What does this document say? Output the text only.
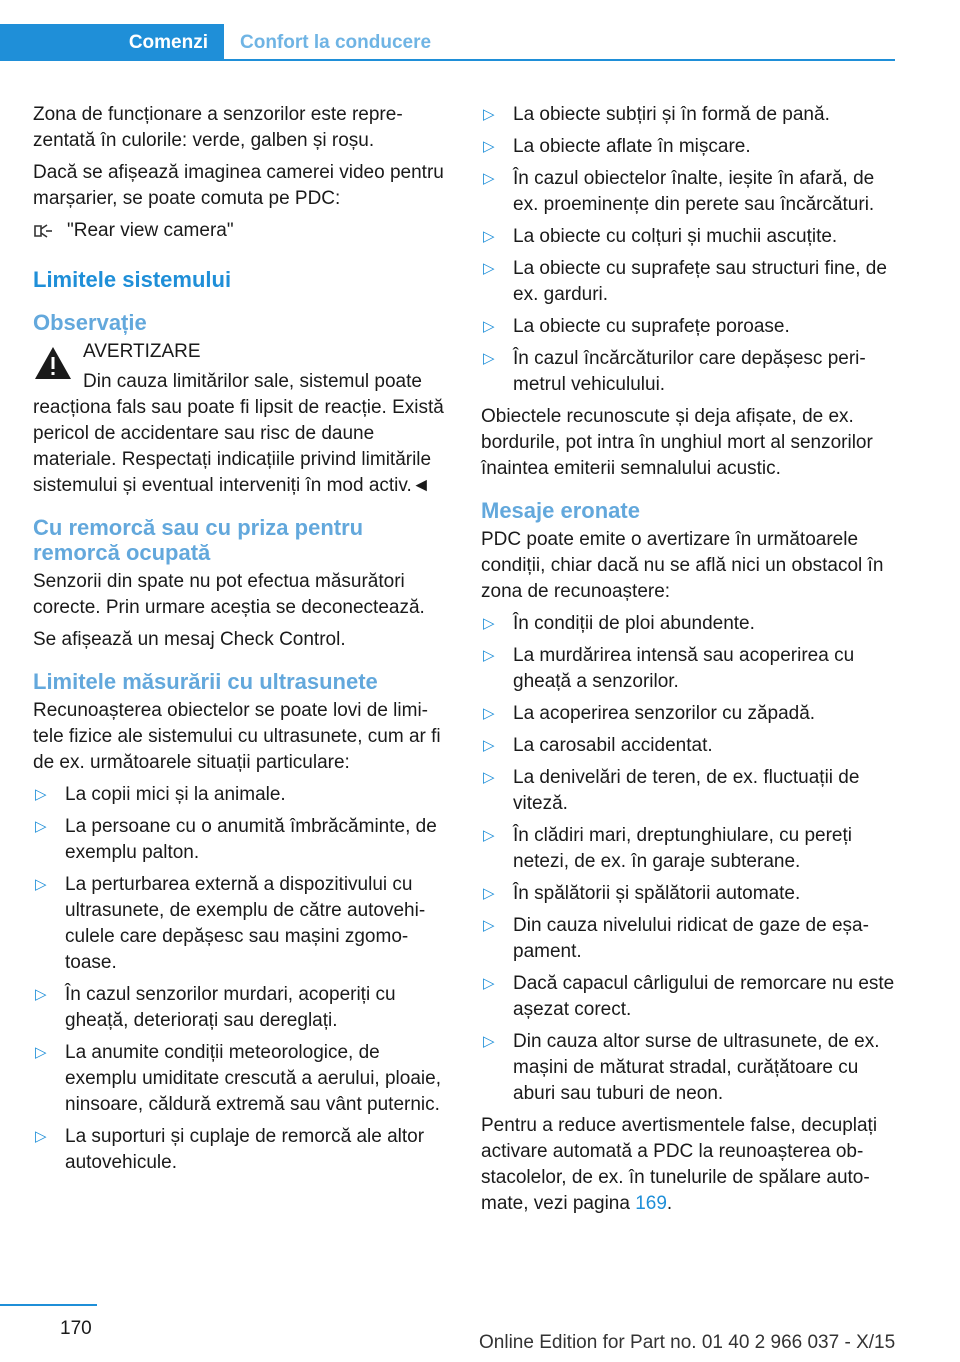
Comenzi Confort la conducere

Zona de funcționare a senzorilor este reprezentată în culorile: verde, galben și roșu.

Dacă se afișează imaginea camerei video pentru marșarier, se poate comuta pe PDC:

"Rear view camera"
Limitele sistemului
Observație

AVERTIZARE

Din cauza limitărilor sale, sistemul poate reacționa fals sau poate fi lipsit de reacție. Există pericol de accidentare sau risc de daune materiale. Respectați indicațiile privind limitările sistemului și eventual interveniți în mod activ.◄

Cu remorcă sau cu priza pentru remorcă ocupată

Senzorii din spate nu pot efectua măsurători corecte. Prin urmare aceștia se deconectează.

Se afișează un mesaj Check Control.

Limitele măsurării cu ultrasunete

Recunoașterea obiectelor se poate lovi de limitele fizice ale sistemului cu ultrasunete, cum ar fi de ex. următoarele situații particulare:

▷ La copii mici și la animale.
▷ La persoane cu o anumită îmbrăcăminte, de exemplu palton.
▷ La perturbarea externă a dispozitivului cu ultrasunete, de exemplu de către autovehiculele care depășesc sau mașini zgomotoase.
▷ În cazul senzorilor murdari, acoperiți cu gheață, deteriorați sau dereglați.
▷ La anumite condiții meteorologice, de exemplu umiditate crescută a aerului, ploaie, ninsoare, căldură extremă sau vânt puternic.
▷ La suporturi și cuplaje de remorcă ale altor autovehicule.
▷ La obiecte subțiri și în formă de pană.
▷ La obiecte aflate în mișcare.
▷ În cazul obiectelor înalte, ieșite în afară, de ex. proeminențe din perete sau încărcături.
▷ La obiecte cu colțuri și muchii ascuțite.
▷ La obiecte cu suprafețe sau structuri fine, de ex. garduri.
▷ La obiecte cu suprafețe poroase.
▷ În cazul încărcăturilor care depășesc perimetrul vehiculului.

Obiectele recunoscute și deja afișate, de ex. bordurile, pot intra în unghiul mort al senzorilor înaintea emiterii semnalului acustic.

Mesaje eronate

PDC poate emite o avertizare în următoarele condiții, chiar dacă nu se află nici un obstacol în zona de recunoaștere:

▷ În condiții de ploi abundente.
▷ La murdărirea intensă sau acoperirea cu gheață a senzorilor.
▷ La acoperirea senzorilor cu zăpadă.
▷ La carosabil accidentat.
▷ La denivelări de teren, de ex. fluctuații de viteză.
▷ În clădiri mari, dreptunghiulare, cu pereți netezi, de ex. în garaje subterane.
▷ În spălătorii și spălătorii automate.
▷ Din cauza nivelului ridicat de gaze de eșapament.
▷ Dacă capacul cârligului de remorcare nu este așezat corect.
▷ Din cauza altor surse de ultrasunete, de ex. mașini de măturat stradal, curățătoare cu aburi sau tuburi de neon.

Pentru a reduce avertismentele false, decuplați activare automată a PDC la reunoașterea obstacolelor, de ex. în tunelurile de spălare automate, vezi pagina 169.

170
Online Edition for Part no. 01 40 2 966 037 - X/15
